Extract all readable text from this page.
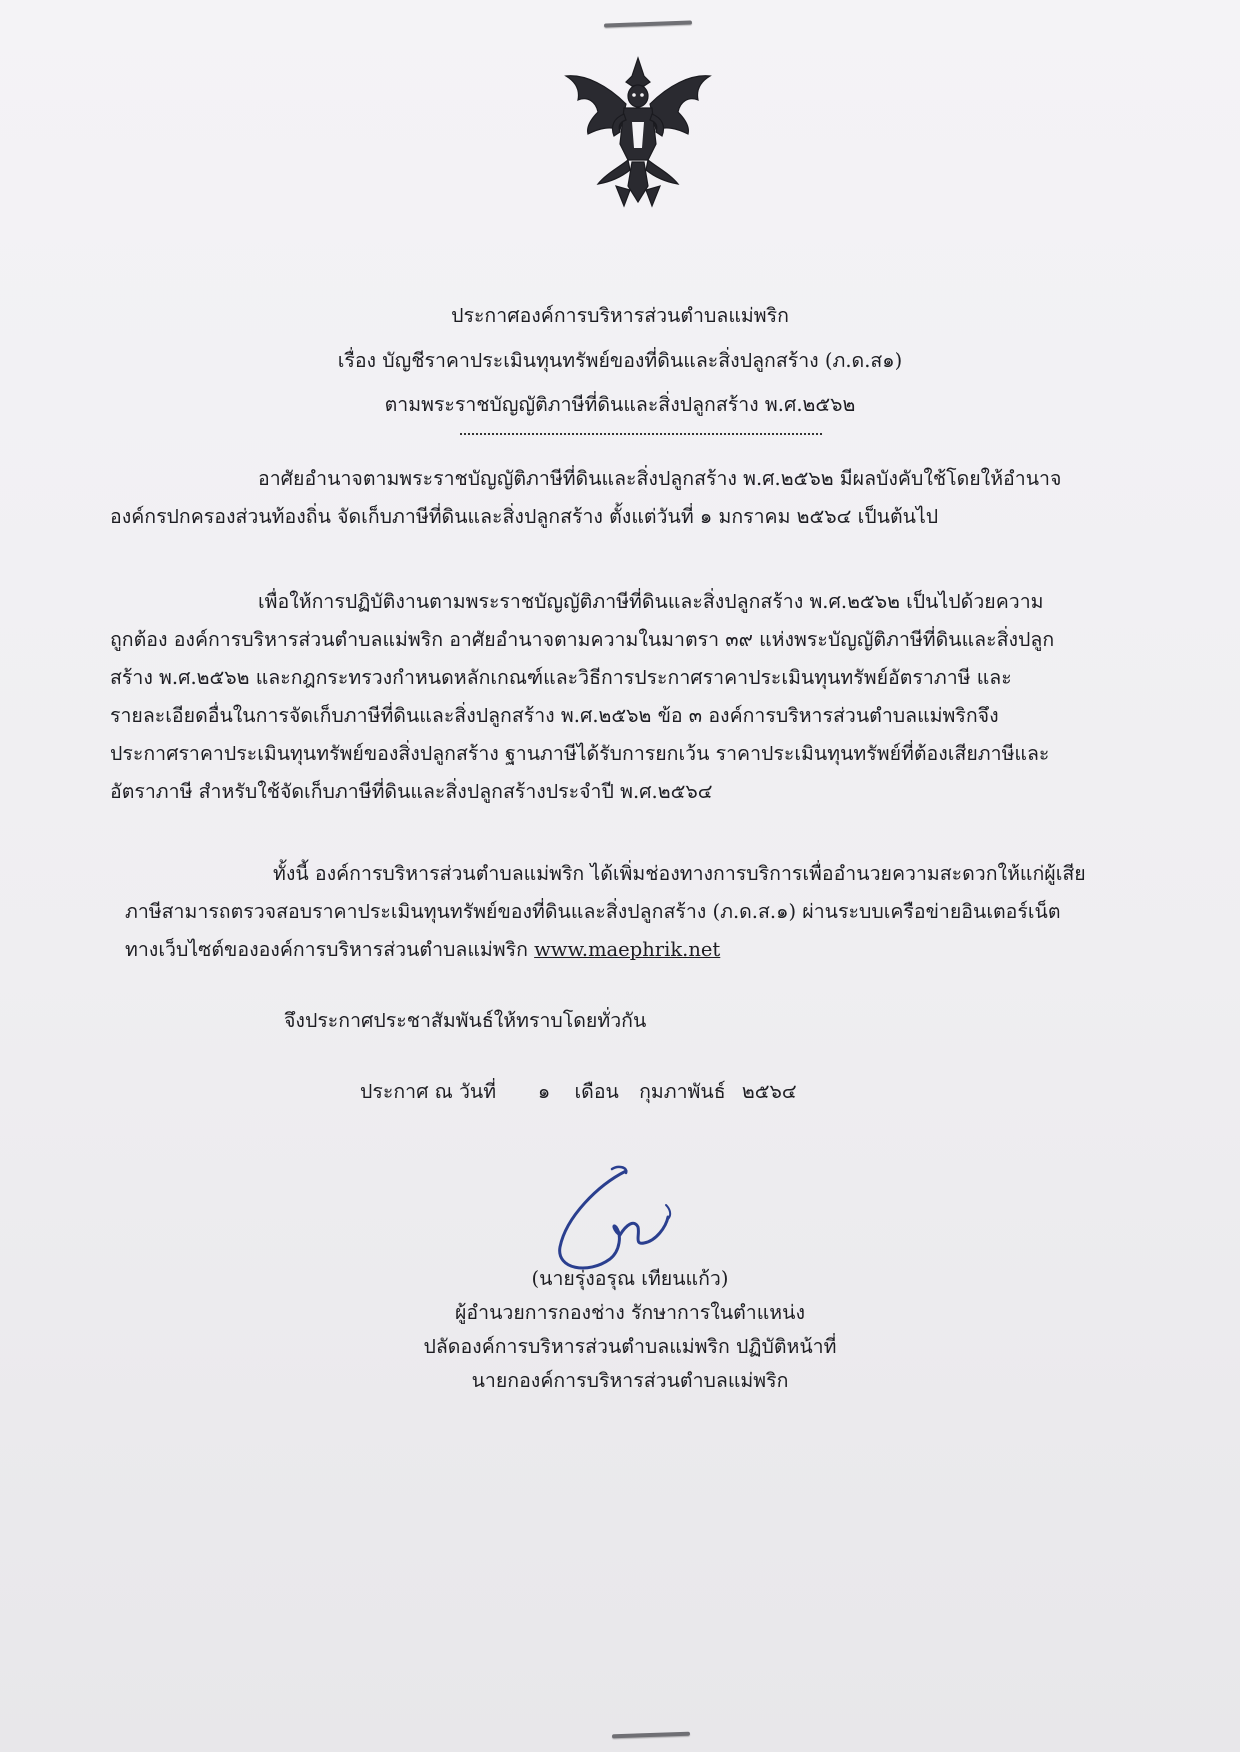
ประกาศองค์การบริหารส่วนตำบลแม่พริก
เรื่อง บัญชีราคาประเมินทุนทรัพย์ของที่ดินและสิ่งปลูกสร้าง (ภ.ด.ส๑)
ตามพระราชบัญญัติภาษีที่ดินและสิ่งปลูกสร้าง พ.ศ.๒๕๖๒
อาศัยอำนาจตามพระราชบัญญัติภาษีที่ดินและสิ่งปลูกสร้าง พ.ศ.๒๕๖๒ มีผลบังคับใช้โดยให้อำนาจ
องค์กรปกครองส่วนท้องถิ่น จัดเก็บภาษีที่ดินและสิ่งปลูกสร้าง ตั้งแต่วันที่ ๑ มกราคม ๒๕๖๔ เป็นต้นไป
เพื่อให้การปฏิบัติงานตามพระราชบัญญัติภาษีที่ดินและสิ่งปลูกสร้าง พ.ศ.๒๕๖๒ เป็นไปด้วยความ
ถูกต้อง องค์การบริหารส่วนตำบลแม่พริก อาศัยอำนาจตามความในมาตรา ๓๙ แห่งพระบัญญัติภาษีที่ดินและสิ่งปลูก
สร้าง พ.ศ.๒๕๖๒ และกฎกระทรวงกำหนดหลักเกณฑ์และวิธีการประกาศราคาประเมินทุนทรัพย์อัตราภาษี และ
รายละเอียดอื่นในการจัดเก็บภาษีที่ดินและสิ่งปลูกสร้าง พ.ศ.๒๕๖๒ ข้อ ๓ องค์การบริหารส่วนตำบลแม่พริกจึง
ประกาศราคาประเมินทุนทรัพย์ของสิ่งปลูกสร้าง ฐานภาษีได้รับการยกเว้น ราคาประเมินทุนทรัพย์ที่ต้องเสียภาษีและ
อัตราภาษี สำหรับใช้จัดเก็บภาษีที่ดินและสิ่งปลูกสร้างประจำปี พ.ศ.๒๕๖๔
ทั้งนี้ องค์การบริหารส่วนตำบลแม่พริก ได้เพิ่มช่องทางการบริการเพื่ออำนวยความสะดวกให้แก่ผู้เสีย
ภาษีสามารถตรวจสอบราคาประเมินทุนทรัพย์ของที่ดินและสิ่งปลูกสร้าง (ภ.ด.ส.๑) ผ่านระบบเครือข่ายอินเตอร์เน็ต
ทางเว็บไซต์ขององค์การบริหารส่วนตำบลแม่พริก www.maephrik.net
จึงประกาศประชาสัมพันธ์ให้ทราบโดยทั่วกัน
ประกาศ ณ วันที่ ๑ เดือน กุมภาพันธ์ ๒๕๖๔
(นายรุ่งอรุณ เทียนแก้ว)
ผู้อำนวยการกองช่าง รักษาการในตำแหน่ง
ปลัดองค์การบริหารส่วนตำบลแม่พริก ปฏิบัติหน้าที่
นายกองค์การบริหารส่วนตำบลแม่พริก
